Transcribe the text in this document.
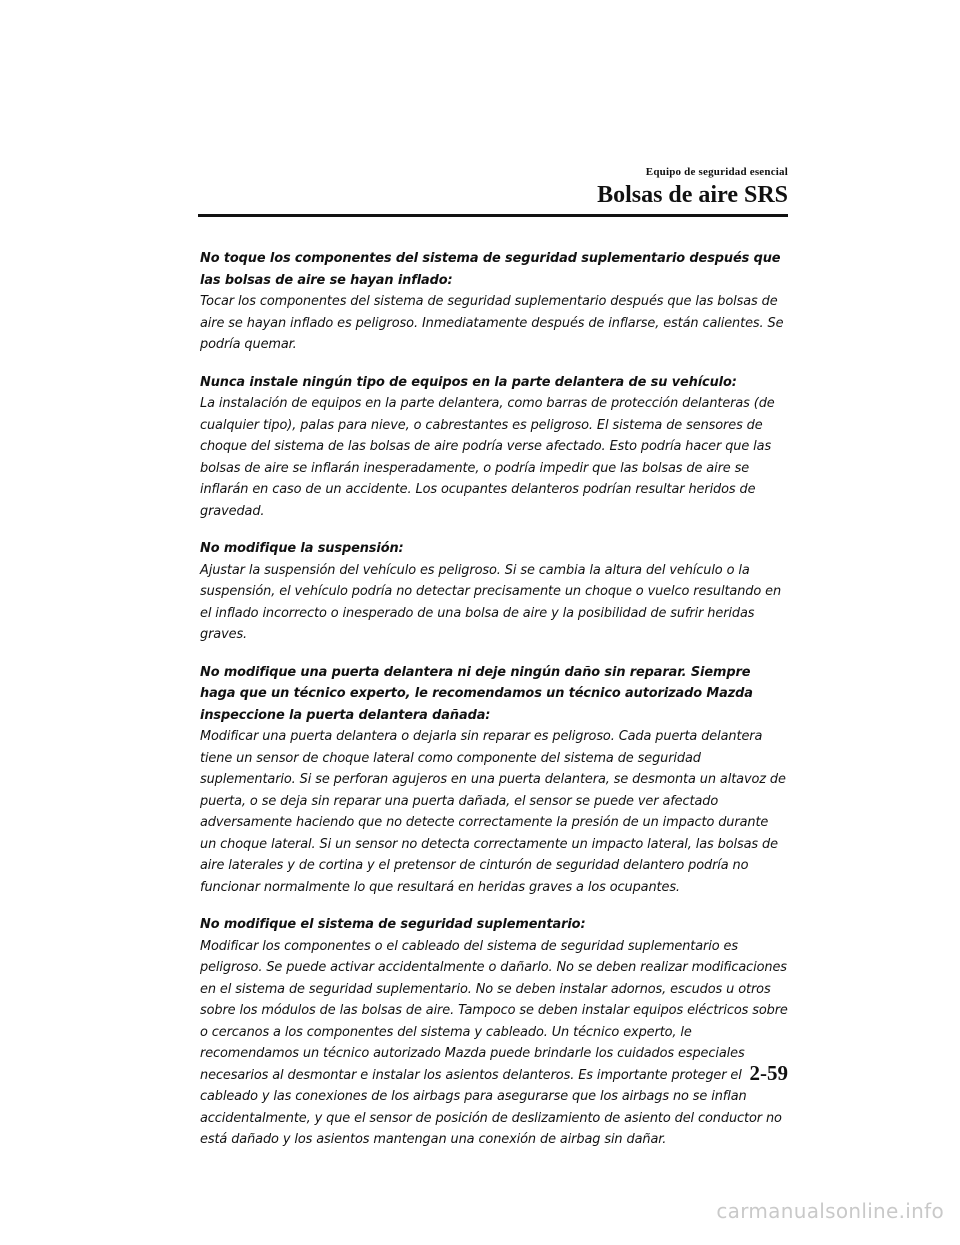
Equipo de seguridad esencial
Bolsas de aire SRS
No toque los componentes del sistema de seguridad suplementario después que las bolsas de aire se hayan inflado:
Tocar los componentes del sistema de seguridad suplementario después que las bolsas de aire se hayan inflado es peligroso. Inmediatamente después de inflarse, están calientes. Se podría quemar.
Nunca instale ningún tipo de equipos en la parte delantera de su vehículo:
La instalación de equipos en la parte delantera, como barras de protección delanteras (de cualquier tipo), palas para nieve, o cabrestantes es peligroso. El sistema de sensores de choque del sistema de las bolsas de aire podría verse afectado. Esto podría hacer que las bolsas de aire se inflarán inesperadamente, o podría impedir que las bolsas de aire se inflarán en caso de un accidente. Los ocupantes delanteros podrían resultar heridos de gravedad.
No modifique la suspensión:
Ajustar la suspensión del vehículo es peligroso. Si se cambia la altura del vehículo o la suspensión, el vehículo podría no detectar precisamente un choque o vuelco resultando en el inflado incorrecto o inesperado de una bolsa de aire y la posibilidad de sufrir heridas graves.
No modifique una puerta delantera ni deje ningún daño sin reparar. Siempre haga que un técnico experto, le recomendamos un técnico autorizado Mazda inspeccione la puerta delantera dañada:
Modificar una puerta delantera o dejarla sin reparar es peligroso. Cada puerta delantera tiene un sensor de choque lateral como componente del sistema de seguridad suplementario. Si se perforan agujeros en una puerta delantera, se desmonta un altavoz de puerta, o se deja sin reparar una puerta dañada, el sensor se puede ver afectado adversamente haciendo que no detecte correctamente la presión de un impacto durante un choque lateral. Si un sensor no detecta correctamente un impacto lateral, las bolsas de aire laterales y de cortina y el pretensor de cinturón de seguridad delantero podría no funcionar normalmente lo que resultará en heridas graves a los ocupantes.
No modifique el sistema de seguridad suplementario:
Modificar los componentes o el cableado del sistema de seguridad suplementario es peligroso. Se puede activar accidentalmente o dañarlo. No se deben realizar modificaciones en el sistema de seguridad suplementario. No se deben instalar adornos, escudos u otros sobre los módulos de las bolsas de aire. Tampoco se deben instalar equipos eléctricos sobre o cercanos a los componentes del sistema y cableado. Un técnico experto, le recomendamos un técnico autorizado Mazda puede brindarle los cuidados especiales necesarios al desmontar e instalar los asientos delanteros. Es importante proteger el cableado y las conexiones de los airbags para asegurarse que los airbags no se inflan accidentalmente, y que el sensor de posición de deslizamiento de asiento del conductor no está dañado y los asientos mantengan una conexión de airbag sin dañar.
2-59
carmanualsonline.info
